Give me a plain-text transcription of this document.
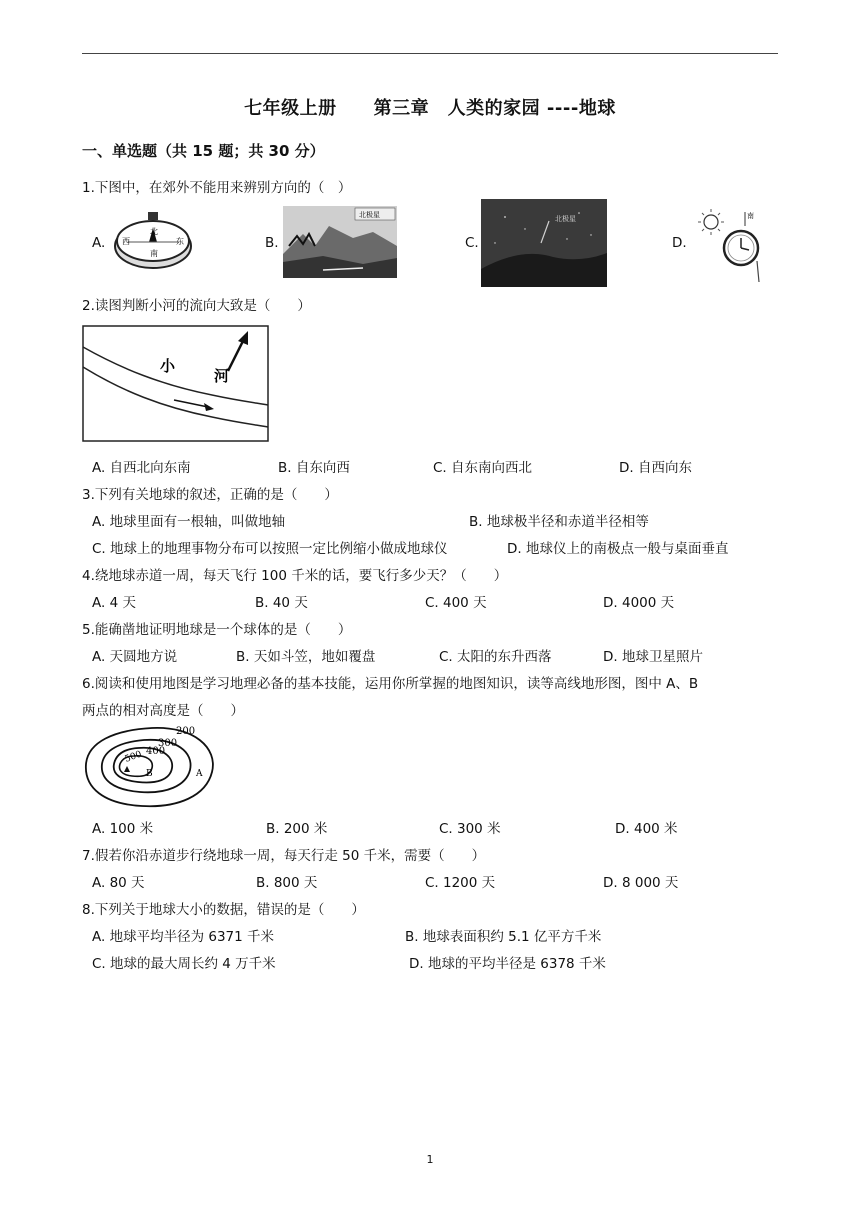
七年级上册　　第三章　人类的家园 ----地球
一、单选题（共 15 题；共 30 分）
1.下图中，在郊外不能用来辨别方向的（　）
A.	B.	C.	D.
北
西	东
南
北极星	北极星	南
2.读图判断小河的流向大致是（　　）
小
河
A. 自西北向东南	B. 自东向西	C. 自东南向西北	D. 自西向东
3.下列有关地球的叙述，正确的是（　　）
A. 地球里面有一根轴，叫做地轴	B. 地球极半径和赤道半径相等
C. 地球上的地理事物分布可以按照一定比例缩小做成地球仪	D. 地球仪上的南极点一般与桌面垂直
4.绕地球赤道一周，每天飞行 100 千米的话，要飞行多少天？（　　）
A. 4 天	B. 40 天	C. 400 天	D. 4000 天
5.能确凿地证明地球是一个球体的是（　　）
A. 天圆地方说	B. 天如斗笠，地如覆盘	C. 太阳的东升西落	D. 地球卫星照片
6.阅读和使用地图是学习地理必备的基本技能，运用你所掌握的地图知识，读等高线地形图，图中 A、B
两点的相对高度是（　　）
200
300
400
500
B	A
A. 100 米	B. 200 米	C. 300 米	D. 400 米
7.假若你沿赤道步行绕地球一周，每天行走 50 千米，需要（　　）
A. 80 天	B. 800 天	C. 1200 天	D. 8 000 天
8.下列关于地球大小的数据，错误的是（　　）
A. 地球平均半径为 6371 千米	B. 地球表面积约 5.1 亿平方千米
C. 地球的最大周长约 4 万千米	D. 地球的平均半径是 6378 千米
1
